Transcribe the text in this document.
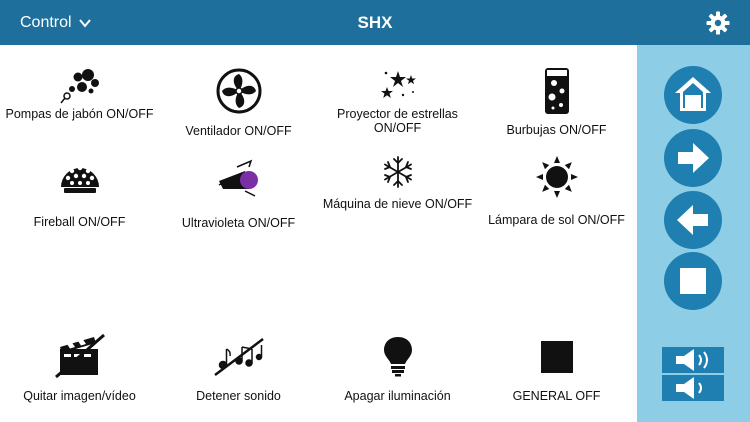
Control	SHX
Pompas de jabón ON/OFF
Ventilador ON/OFF
Proyector de estrellas ON/OFF	Burbujas ON/OFF
Fireball ON/OFF	Ultravioleta ON/OFF
Máquina de nieve ON/OFF
Lámpara de sol ON/OFF
Quitar imagen/vídeo	Detener sonido	Apagar iluminación	GENERAL OFF
